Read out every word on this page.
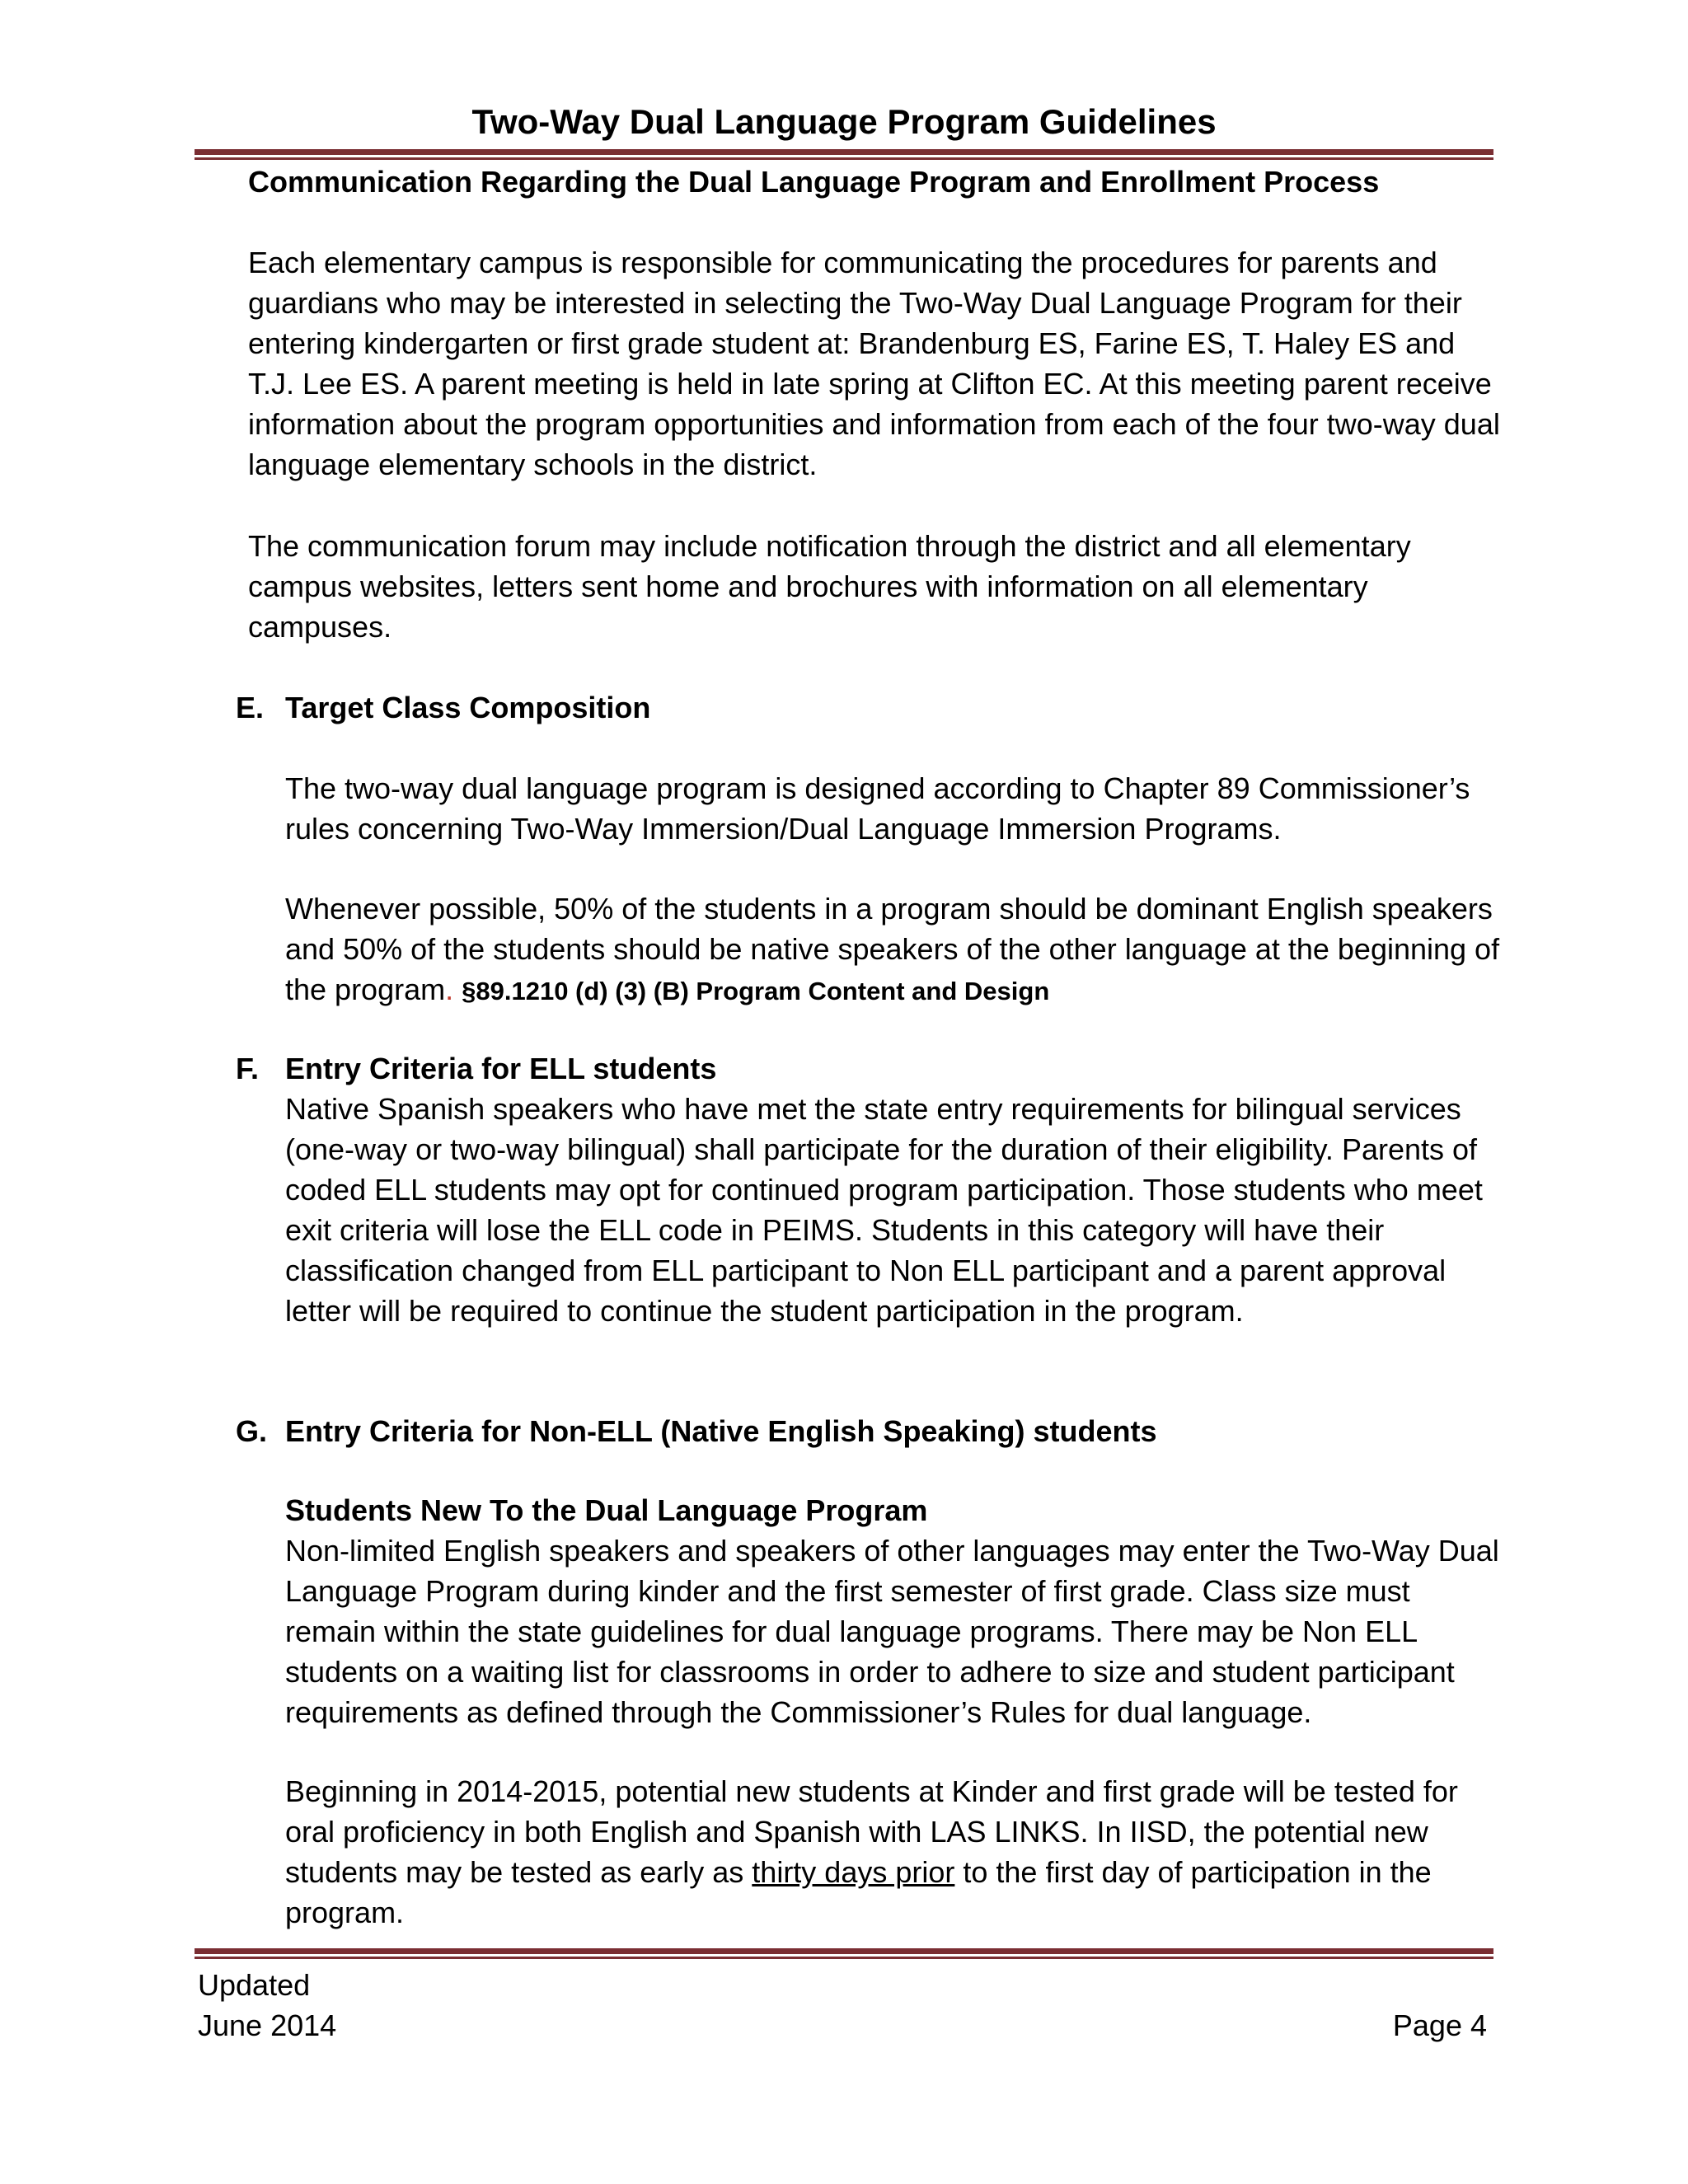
Two-Way Dual Language Program Guidelines

Communication Regarding the Dual Language Program and Enrollment Process

Each elementary campus is responsible for communicating the procedures for parents and guardians who may be interested in selecting the Two-Way Dual Language Program for their entering kindergarten or first grade student at: Brandenburg ES, Farine ES, T. Haley ES and T.J. Lee ES. A parent meeting is held in late spring at Clifton EC. At this meeting parent receive information about the program opportunities and information from each of the four two-way dual language elementary schools in the district.

The communication forum may include notification through the district and all elementary campus websites, letters sent home and brochures with information on all elementary campuses.

E. Target Class Composition

The two-way dual language program is designed according to Chapter 89 Commissioner’s rules concerning Two-Way Immersion/Dual Language Immersion Programs.

Whenever possible, 50% of the students in a program should be dominant English speakers and 50% of the students should be native speakers of the other language at the beginning of the program. §89.1210 (d) (3) (B) Program Content and Design

F. Entry Criteria for ELL students

Native Spanish speakers who have met the state entry requirements for bilingual services (one-way or two-way bilingual) shall participate for the duration of their eligibility. Parents of coded ELL students may opt for continued program participation. Those students who meet exit criteria will lose the ELL code in PEIMS. Students in this category will have their classification changed from ELL participant to Non ELL participant and a parent approval letter will be required to continue the student participation in the program.

G. Entry Criteria for Non-ELL (Native English Speaking) students

Students New To the Dual Language Program

Non-limited English speakers and speakers of other languages may enter the Two-Way Dual Language Program during kinder and the first semester of first grade. Class size must remain within the state guidelines for dual language programs. There may be Non ELL students on a waiting list for classrooms in order to adhere to size and student participant requirements as defined through the Commissioner’s Rules for dual language.

Beginning in 2014-2015, potential new students at Kinder and first grade will be tested for oral proficiency in both English and Spanish with LAS LINKS. In IISD, the potential new students may be tested as early as thirty days prior to the first day of participation in the program.

Updated
June 2014	Page 4
